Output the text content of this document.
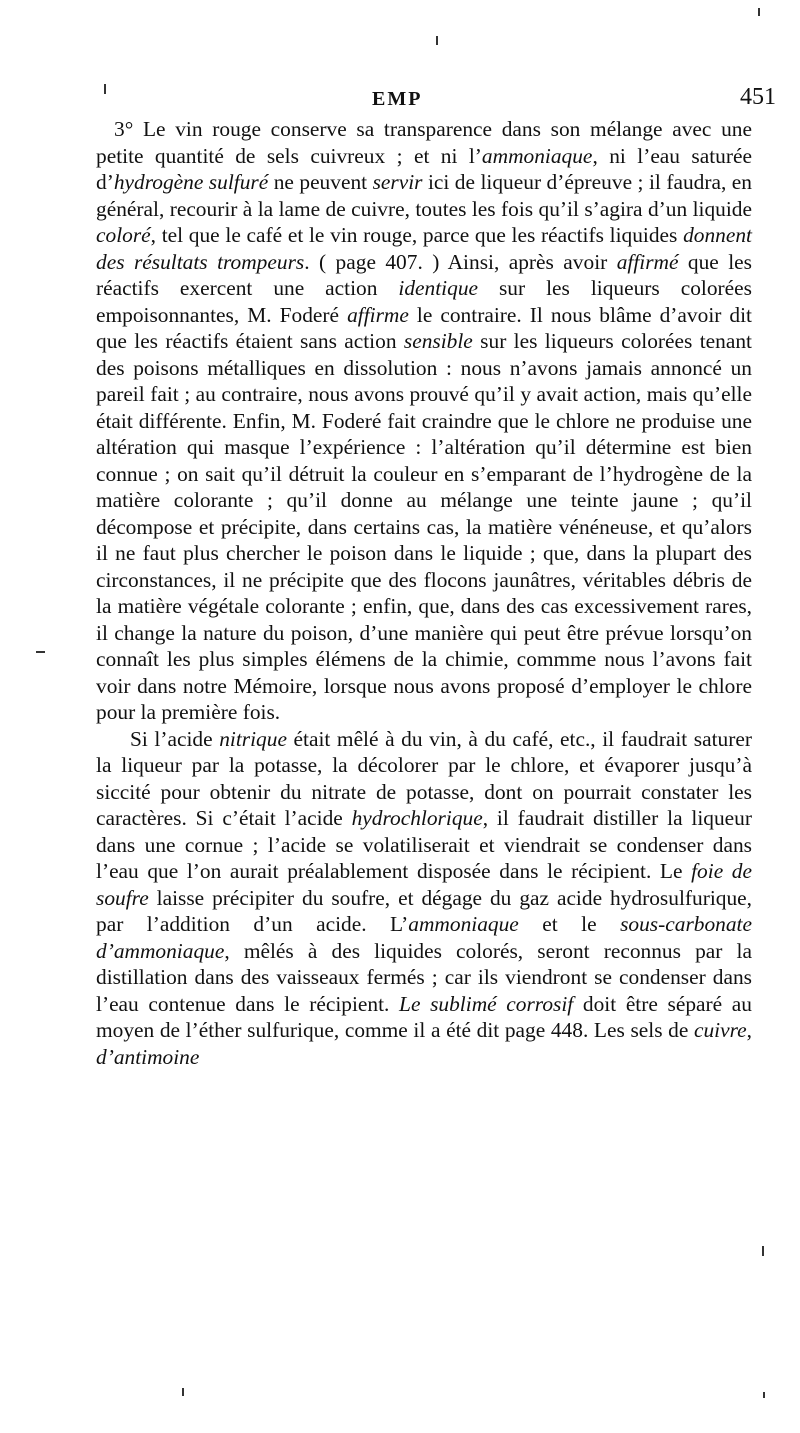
EMP	451

3° Le vin rouge conserve sa transparence dans son mélange avec une petite quantité de sels cuivreux ; et ni l’ammoniaque, ni l’eau saturée d’hydrogène sulfuré ne peuvent servir ici de liqueur d’épreuve ; il faudra, en général, recourir à la lame de cuivre, toutes les fois qu’il s’agira d’un liquide coloré, tel que le café et le vin rouge, parce que les réactifs liquides donnent des résultats trompeurs. ( page 407. ) Ainsi, après avoir affirmé que les réactifs exercent une action identique sur les liqueurs colorées empoisonnantes, M. Foderé affirme le contraire. Il nous blâme d’avoir dit que les réactifs étaient sans action sensible sur les liqueurs colorées tenant des poisons métalliques en dissolution : nous n’avons jamais annoncé un pareil fait ; au contraire, nous avons prouvé qu’il y avait action, mais qu’elle était différente. Enfin, M. Foderé fait craindre que le chlore ne produise une altération qui masque l’expérience : l’altération qu’il détermine est bien connue ; on sait qu’il détruit la couleur en s’emparant de l’hydrogène de la matière colorante ; qu’il donne au mélange une teinte jaune ; qu’il décompose et précipite, dans certains cas, la matière vénéneuse, et qu’alors il ne faut plus chercher le poison dans le liquide ; que, dans la plupart des circonstances, il ne précipite que des flocons jaunâtres, véritables débris de la matière végétale colorante ; enfin, que, dans des cas excessivement rares, il change la nature du poison, d’une manière qui peut être prévue lorsqu’on connaît les plus simples élémens de la chimie, commme nous l’avons fait voir dans notre Mémoire, lorsque nous avons proposé d’employer le chlore pour la première fois.

Si l’acide nitrique était mêlé à du vin, à du café, etc., il faudrait saturer la liqueur par la potasse, la décolorer par le chlore, et évaporer jusqu’à siccité pour obtenir du nitrate de potasse, dont on pourrait constater les caractères. Si c’était l’acide hydrochlorique, il faudrait distiller la liqueur dans une cornue ; l’acide se volatiliserait et viendrait se condenser dans l’eau que l’on aurait préalablement disposée dans le récipient. Le foie de soufre laisse précipiter du soufre, et dégage du gaz acide hydrosulfurique, par l’addition d’un acide. L’ammoniaque et le sous-carbonate d’ammoniaque, mêlés à des liquides colorés, seront reconnus par la distillation dans des vaisseaux fermés ; car ils viendront se condenser dans l’eau contenue dans le récipient. Le sublimé corrosif doit être séparé au moyen de l’éther sulfurique, comme il a été dit page 448. Les sels de cuivre, d’antimoine
